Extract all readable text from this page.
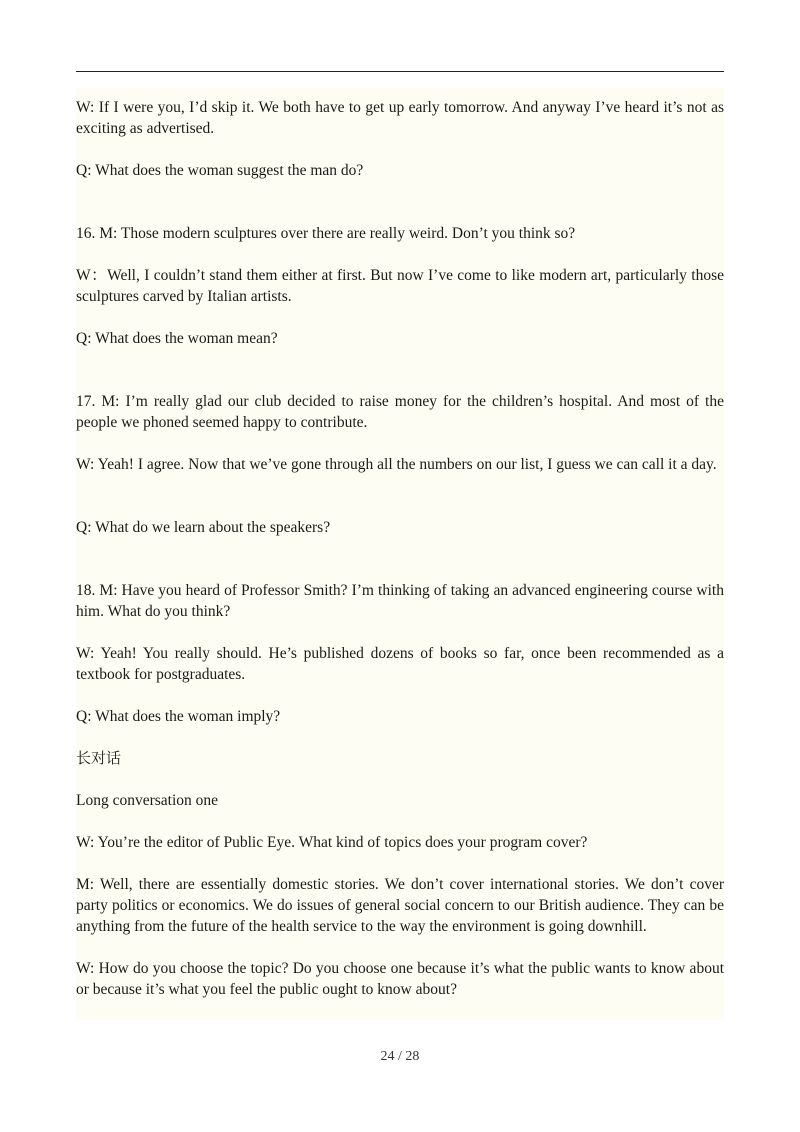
W: If I were you, I’d skip it. We both have to get up early tomorrow. And anyway I’ve heard it’s not as exciting as advertised.

Q: What does the woman suggest the man do?

16. M: Those modern sculptures over there are really weird. Don’t you think so?

W：Well, I couldn’t stand them either at first. But now I’ve come to like modern art, particularly those sculptures carved by Italian artists.

Q: What does the woman mean?

17. M: I’m really glad our club decided to raise money for the children’s hospital. And most of the people we phoned seemed happy to contribute.

W: Yeah! I agree. Now that we’ve gone through all the numbers on our list, I guess we can call it a day.

Q: What do we learn about the speakers?

18. M: Have you heard of Professor Smith? I’m thinking of taking an advanced engineering course with him. What do you think?

W: Yeah! You really should. He’s published dozens of books so far, once been recommended as a textbook for postgraduates.

Q: What does the woman imply?

长对话

Long conversation one

W: You’re the editor of Public Eye. What kind of topics does your program cover?

M: Well, there are essentially domestic stories. We don’t cover international stories. We don’t cover party politics or economics. We do issues of general social concern to our British audience. They can be anything from the future of the health service to the way the environment is going downhill.

W: How do you choose the topic? Do you choose one because it’s what the public wants to know about or because it’s what you feel the public ought to know about?

24 / 28
